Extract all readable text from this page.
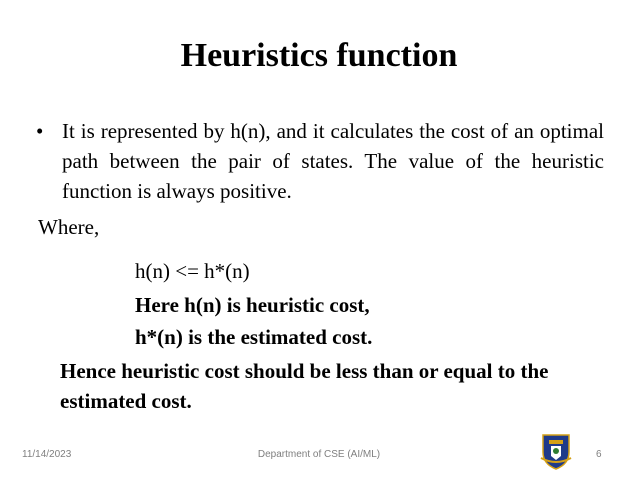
Heuristics function
• It is represented by h(n), and it calculates the cost of an optimal path between the pair of states. The value of the heuristic function is always positive.
Where,
h(n) <= h*(n)
Here h(n) is heuristic cost,
h*(n) is the estimated cost.
Hence heuristic cost should be less than or equal to the estimated cost.
11/14/2023	Department of CSE (AI/ML)	6
